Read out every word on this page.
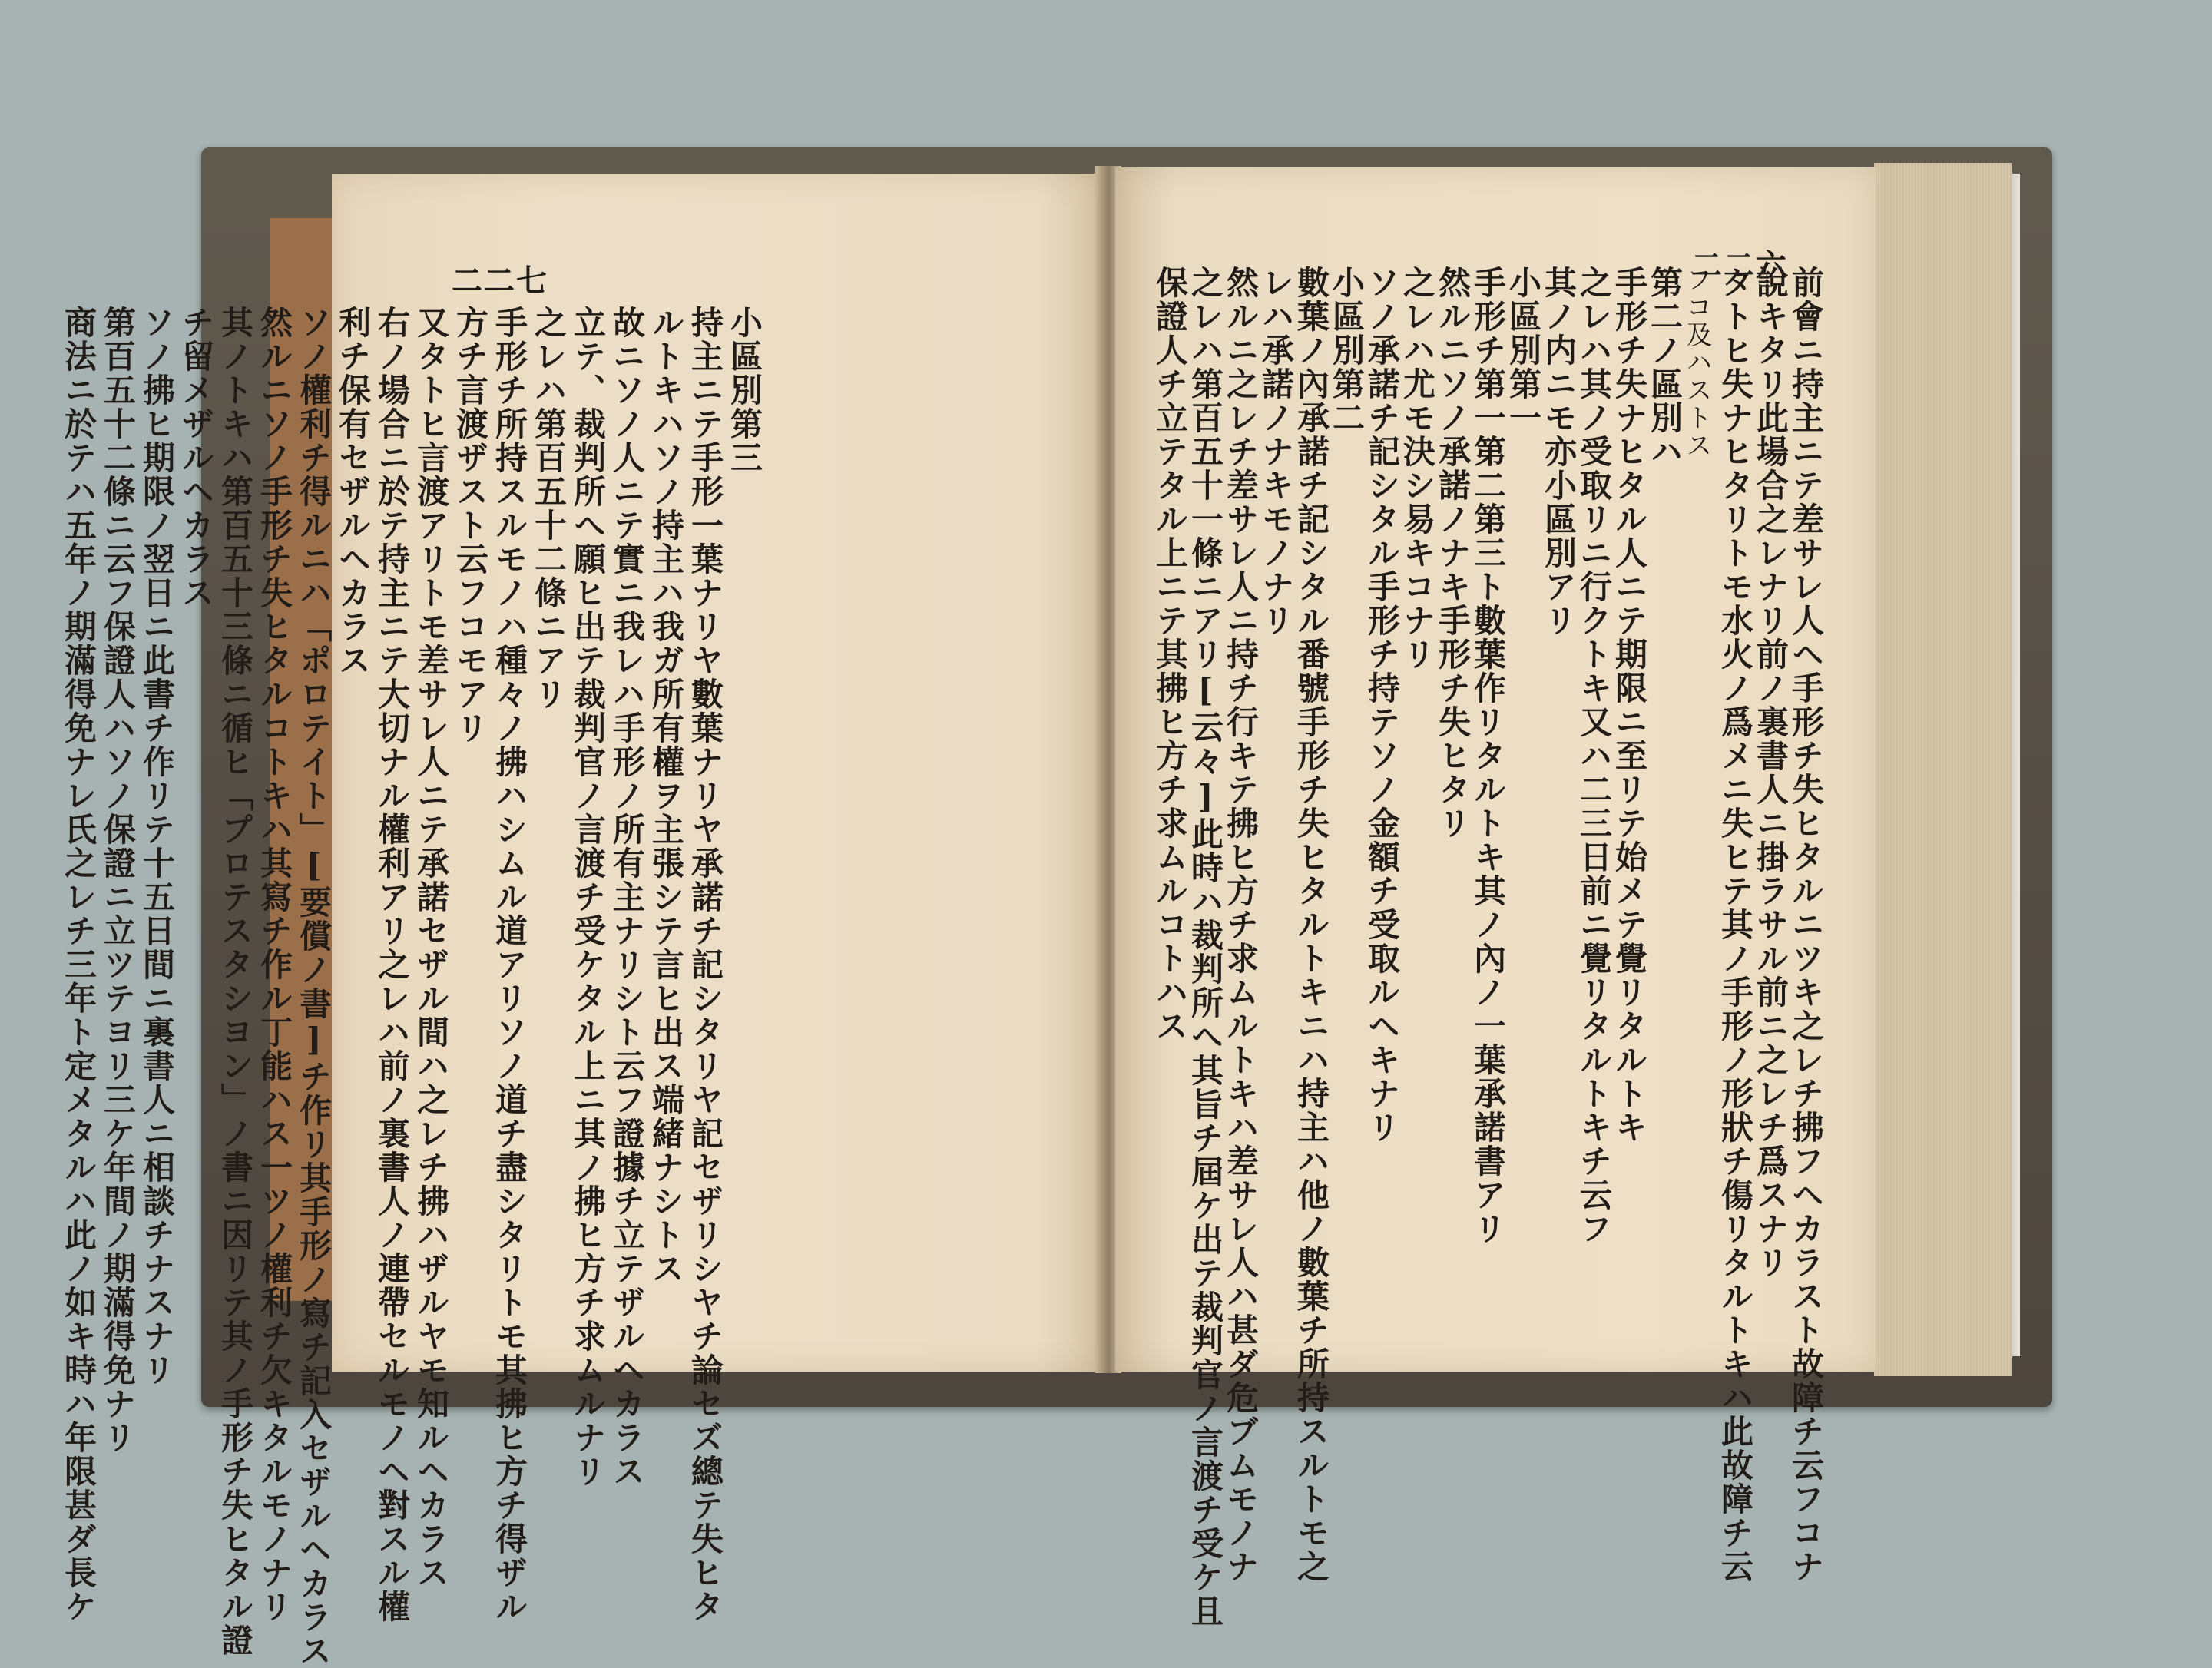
二二七
小區別第三
持主ニテ手形一葉ナリヤ數葉ナリヤ承諾チ記シタリヤ記セザリシヤチ論セズ總テ失ヒタ
ルトキハソノ持主ハ我ガ所有權ヲ主張シテ言ヒ出ス端緒ナシトス
故ニソノ人ニテ實ニ我レハ手形ノ所有主ナリシト云フ證據チ立テザルヘカラス
立テ、裁判所へ願ヒ出テ裁判官ノ言渡チ受ケタル上ニ其ノ拂ヒ方チ求ムルナリ
之レハ第百五十二條ニアリ
手形チ所持スルモノハ種々ノ拂ハシムル道アリソノ道チ盡シタリトモ其拂ヒ方チ得ザル
方チ言渡ザスト云フコモアリ
又タトヒ言渡アリトモ差サレ人ニテ承諾セザル間ハ之レチ拂ハザルヤモ知ルヘカラス
右ノ場合ニ於テ持主ニテ大切ナル權利アリ之レハ前ノ裏書人ノ連帶セルモノヘ對スル權
利チ保有セザルヘカラス
ソノ權利チ得ルニハ「ポロテイト」[要償ノ書]チ作リ其手形ノ寫チ記入セザルヘカラス
然ルニソノ手形チ失ヒタルコトキハ其寫チ作ル丁能ハス一ツノ權利チ欠キタルモノナリ
其ノトキハ第百五十三條ニ循ヒ「プロテスタシヨン」ノ書ニ因リテ其ノ手形チ失ヒタル證
チ留メザルヘカラス
ソノ拂ヒ期限ノ翌日ニ此書チ作リテ十五日間ニ裏書人ニ相談チナスナリ
第百五十二條ニ云フ保證人ハソノ保證ニ立ツテヨリ三ケ年間ノ期滿得免ナリ
商法ニ於テハ五年ノ期滿得免ナレ氏之レチ三年ト定メタルハ此ノ如キ時ハ年限甚ダ長ケ
二二六
前會ニ持主ニテ差サレ人ヘ手形チ失ヒタルニツキ之レチ拂フヘカラスト故障チ云フコナ
說キタリ此場合之レナリ前ノ裏書人ニ掛ラサル前ニ之レチ爲スナリ
タトヒ失ナヒタリトモ水火ノ爲メニ失ヒテ其ノ手形ノ形狀チ傷リタルトキハ此故障チ云
フコ及ハストス
第二ノ區別ハ
手形チ失ナヒタル人ニテ期限ニ至リテ始メテ覺リタルトキ
之レハ其ノ受取リニ行クトキ又ハ二三日前ニ覺リタルトキチ云フ
其ノ内ニモ亦小區別アリ
小區別第一
手形チ第一第二第三ト數葉作リタルトキ其ノ內ノ一葉承諾書アリ
然ルニソノ承諾ノナキ手形チ失ヒタリ
之レハ尤モ決シ易キコナリ
ソノ承諾チ記シタル手形チ持テソノ金額チ受取ルヘキナリ
小區別第二
數葉ノ內承諾チ記シタル番號手形チ失ヒタルトキニハ持主ハ他ノ數葉チ所持スルトモ之
レハ承諾ノナキモノナリ
然ルニ之レチ差サレ人ニ持チ行キテ拂ヒ方チ求ムルトキハ差サレ人ハ甚ダ危ブムモノナ
之レハ第百五十一條ニアリ[云々]此時ハ裁判所へ其旨チ屆ケ出テ裁判官ノ言渡チ受ケ且
保證人チ立テタル上ニテ其拂ヒ方チ求ムルコトハス
